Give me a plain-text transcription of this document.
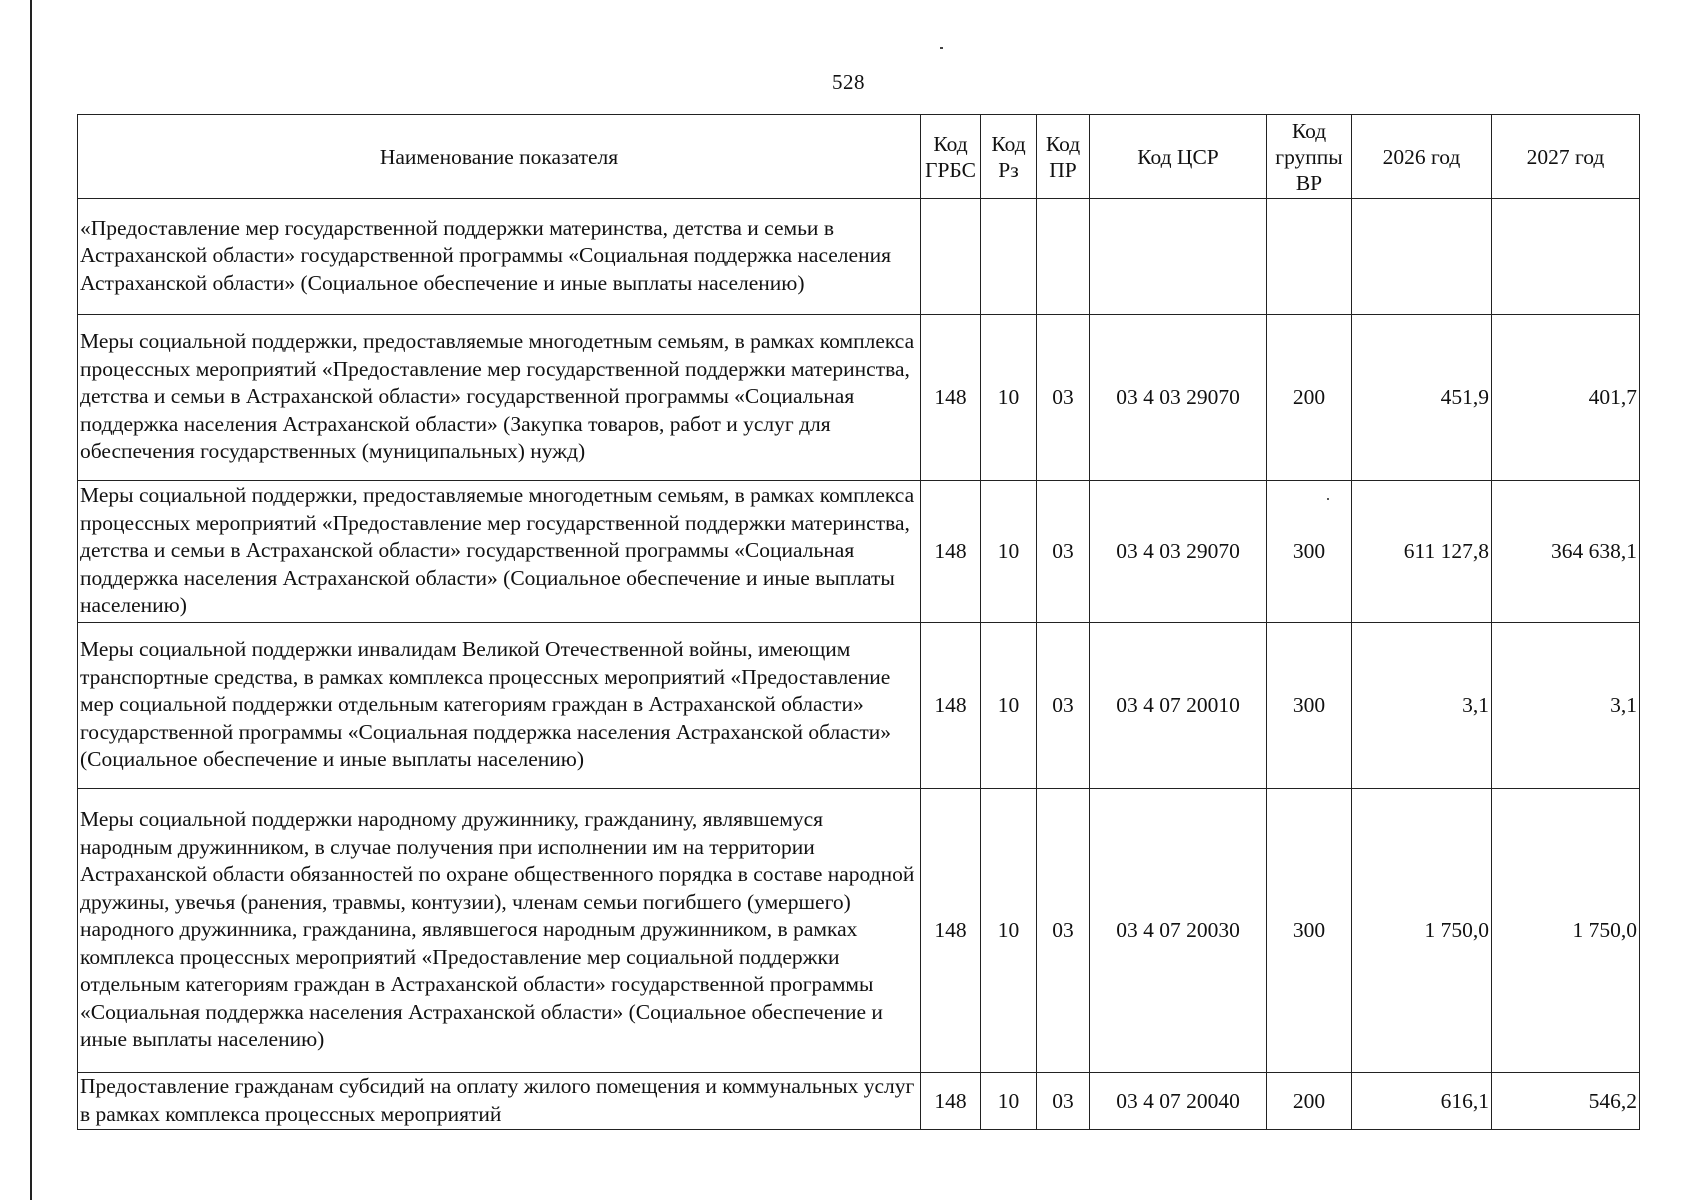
528
Наименование показателя	Код ГРБС	Код Рз	Код ПР	Код ЦСР	Код группы ВР	2026 год	2027 год
«Предоставление мер государственной поддержки материнства, детства и семьи в Астраханской области» государственной программы «Социальная поддержка населения Астраханской области» (Социальное обеспечение и иные выплаты населению)							
Меры социальной поддержки, предоставляемые многодетным семьям, в рамках комплекса процессных мероприятий «Предоставление мер государственной поддержки материнства, детства и семьи в Астраханской области» государственной программы «Социальная поддержка населения Астраханской области» (Закупка товаров, работ и услуг для обеспечения государственных (муниципальных) нужд)	148	10	03	03 4 03 29070	200	451,9	401,7
Меры социальной поддержки, предоставляемые многодетным семьям, в рамках комплекса процессных мероприятий «Предоставление мер государственной поддержки материнства, детства и семьи в Астраханской области» государственной программы «Социальная поддержка населения Астраханской области» (Социальное обеспечение и иные выплаты населению)	148	10	03	03 4 03 29070	300	611 127,8	364 638,1
Меры социальной поддержки инвалидам Великой Отечественной войны, имеющим транспортные средства, в рамках комплекса процессных мероприятий «Предоставление мер социальной поддержки отдельным категориям граждан в Астраханской области» государственной программы «Социальная поддержка населения Астраханской области» (Социальное обеспечение и иные выплаты населению)	148	10	03	03 4 07 20010	300	3,1	3,1
Меры социальной поддержки народному дружиннику, гражданину, являвшемуся народным дружинником, в случае получения при исполнении им на территории Астраханской области обязанностей по охране общественного порядка в составе народной дружины, увечья (ранения, травмы, контузии), членам семьи погибшего (умершего) народного дружинника, гражданина, являвшегося народным дружинником, в рамках комплекса процессных мероприятий «Предоставление мер социальной поддержки отдельным категориям граждан в Астраханской области» государственной программы «Социальная поддержка населения Астраханской области» (Социальное обеспечение и иные выплаты населению)	148	10	03	03 4 07 20030	300	1 750,0	1 750,0
Предоставление гражданам субсидий на оплату жилого помещения и коммунальных услуг в рамках комплекса процессных мероприятий	148	10	03	03 4 07 20040	200	616,1	546,2
